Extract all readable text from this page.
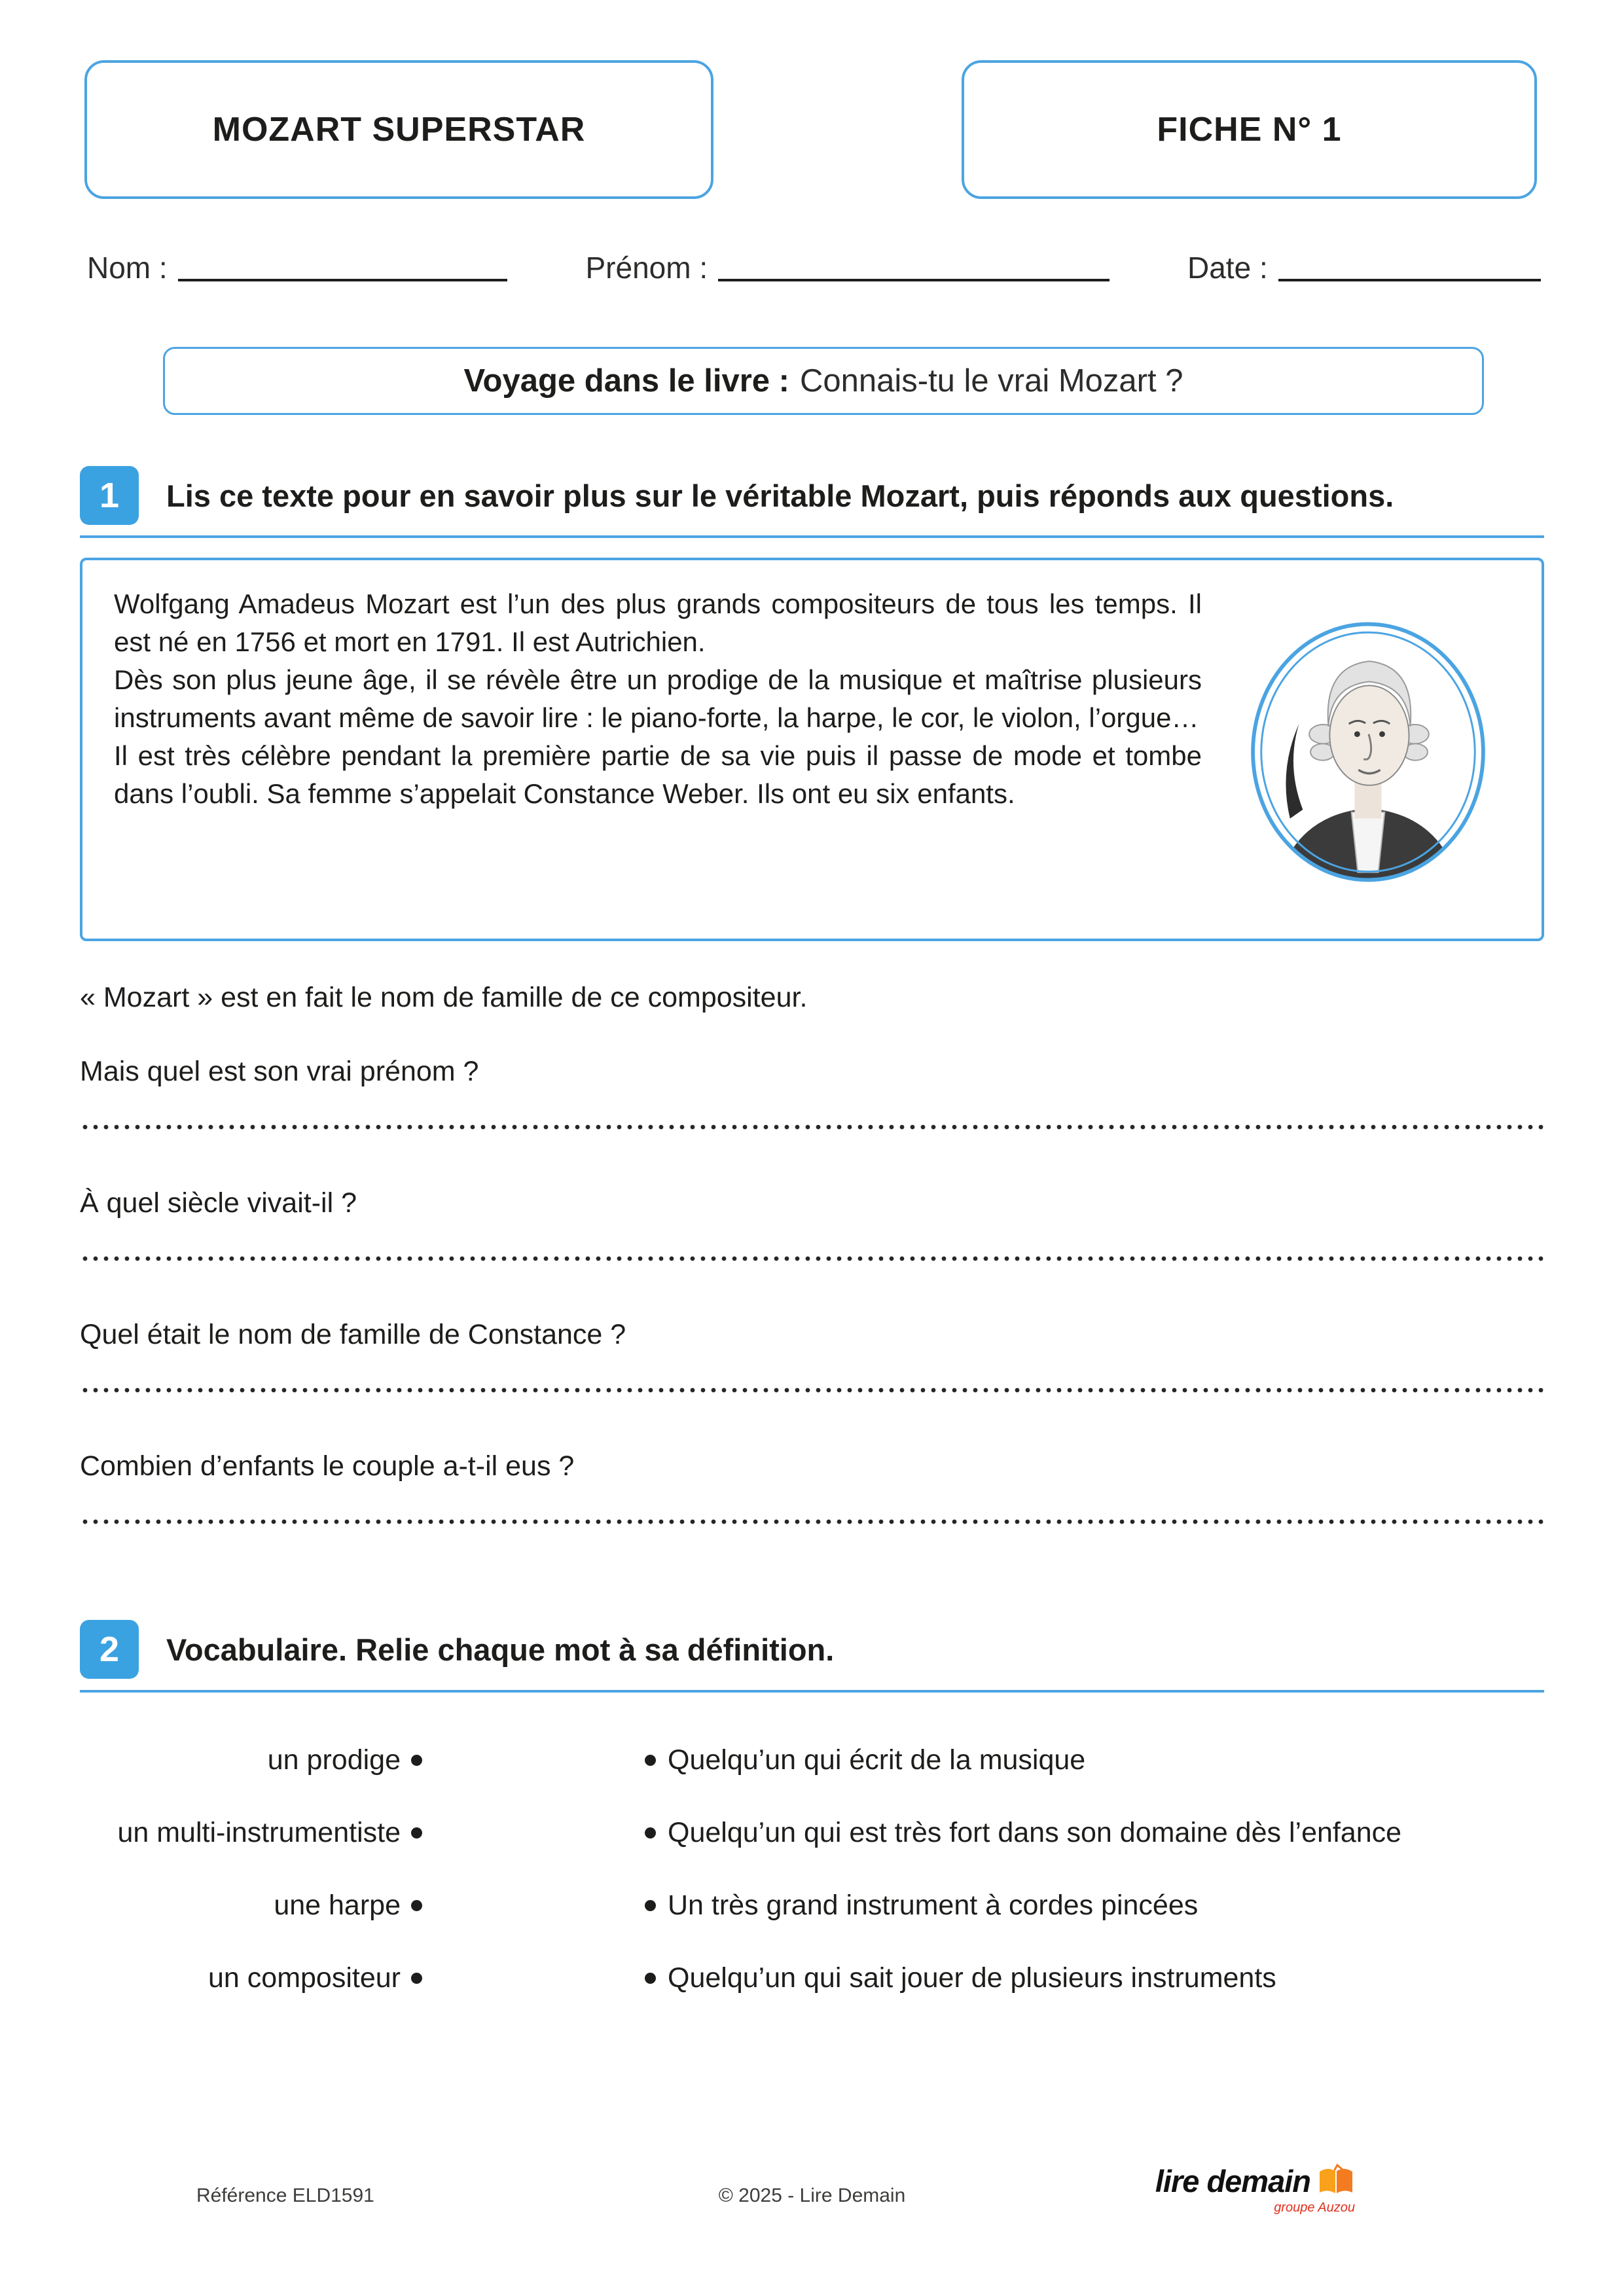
MOZART SUPERSTAR	FICHE N° 1
Nom :	Prénom :	Date :
Voyage dans le livre : Connais-tu le vrai Mozart ?
1 Lis ce texte pour en savoir plus sur le véritable Mozart, puis réponds aux questions.

Wolfgang Amadeus Mozart est l’un des plus grands compositeurs de tous les temps. Il est né en 1756 et mort en 1791. Il est Autrichien.

Dès son plus jeune âge, il se révèle être un prodige de la musique et maîtrise plusieurs instruments avant même de savoir lire : le piano-forte, la harpe, le cor, le violon, l’orgue…

Il est très célèbre pendant la première partie de sa vie puis il passe de mode et tombe dans l’oubli. Sa femme s’appelait Constance Weber. Ils ont eu six enfants.

« Mozart » est en fait le nom de famille de ce compositeur.

Mais quel est son vrai prénom ?

À quel siècle vivait-il ?

Quel était le nom de famille de Constance ?

Combien d’enfants le couple a-t-il eus ?

2 Vocabulaire. Relie chaque mot à sa définition.
un prodige	Quelqu’un qui écrit de la musique
un multi-instrumentiste	Quelqu’un qui est très fort dans son domaine dès l’enfance
une harpe	Un très grand instrument à cordes pincées
un compositeur	Quelqu’un qui sait jouer de plusieurs instruments
Référence ELD1591	© 2025 - Lire Demain	lire demain
groupe Auzou
